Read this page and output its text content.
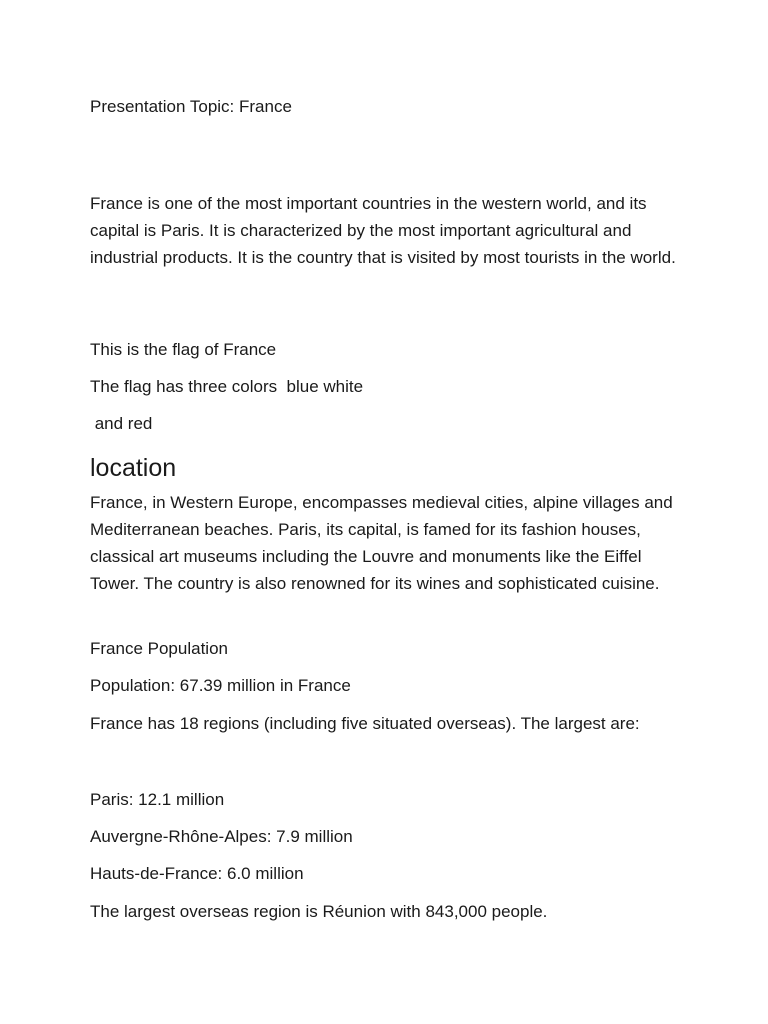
Presentation Topic: France

France is one of the most important countries in the western world, and its capital is Paris. It is characterized by the most important agricultural and industrial products. It is the country that is visited by most tourists in the world.

This is the flag of France

The flag has three colors  blue white

and red

location

France, in Western Europe, encompasses medieval cities, alpine villages and Mediterranean beaches. Paris, its capital, is famed for its fashion houses, classical art museums including the Louvre and monuments like the Eiffel Tower. The country is also renowned for its wines and sophisticated cuisine.

France Population

Population: 67.39 million in France

France has 18 regions (including five situated overseas). The largest are:

Paris: 12.1 million

Auvergne-Rhône-Alpes: 7.9 million

Hauts-de-France: 6.0 million

The largest overseas region is Réunion with 843,000 people.
